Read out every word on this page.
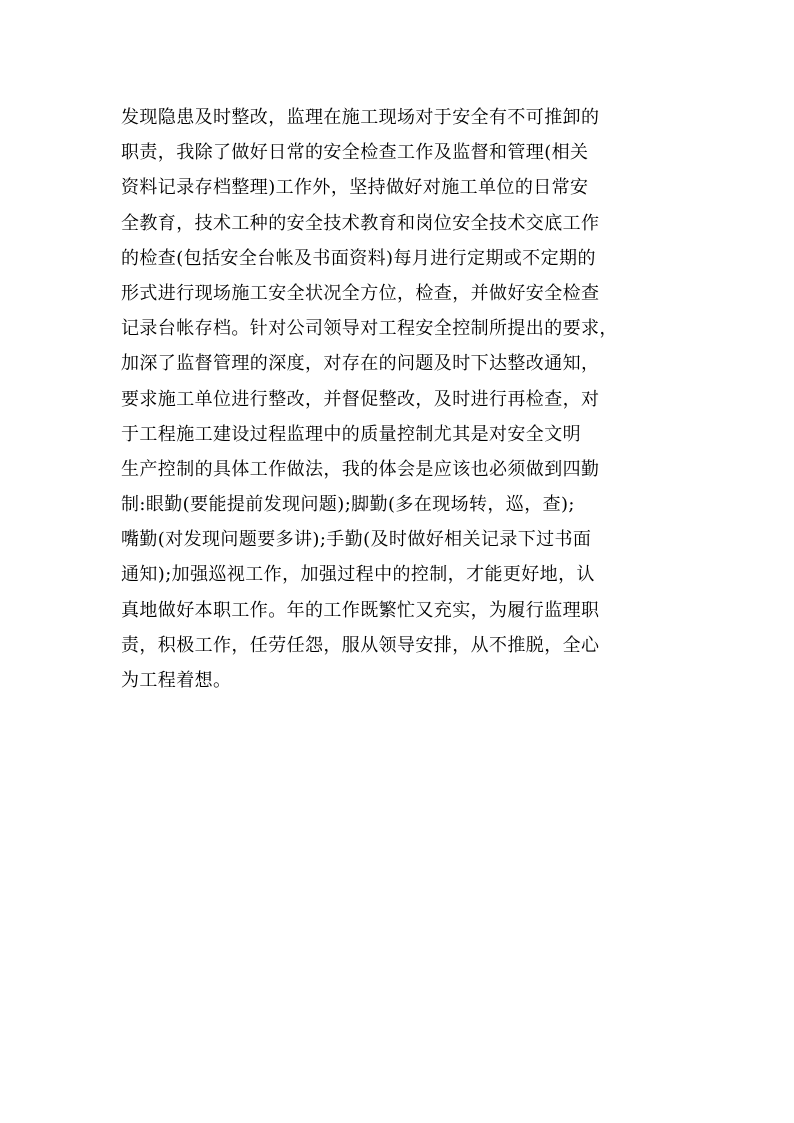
发现隐患及时整改，监理在施工现场对于安全有不可推卸的
职责，我除了做好日常的安全检查工作及监督和管理(相关
资料记录存档整理)工作外，坚持做好对施工单位的日常安
全教育，技术工种的安全技术教育和岗位安全技术交底工作
的检查(包括安全台帐及书面资料)每月进行定期或不定期的
形式进行现场施工安全状况全方位，检查，并做好安全检查
记录台帐存档。针对公司领导对工程安全控制所提出的要求，
加深了监督管理的深度，对存在的问题及时下达整改通知，
要求施工单位进行整改，并督促整改，及时进行再检查，对
于工程施工建设过程监理中的质量控制尤其是对安全文明
生产控制的具体工作做法，我的体会是应该也必须做到四勤
制:眼勤(要能提前发现问题);脚勤(多在现场转，巡，查);
嘴勤(对发现问题要多讲);手勤(及时做好相关记录下过书面
通知);加强巡视工作，加强过程中的控制，才能更好地，认
真地做好本职工作。年的工作既繁忙又充实，为履行监理职
责，积极工作，任劳任怨，服从领导安排，从不推脱，全心
为工程着想。
